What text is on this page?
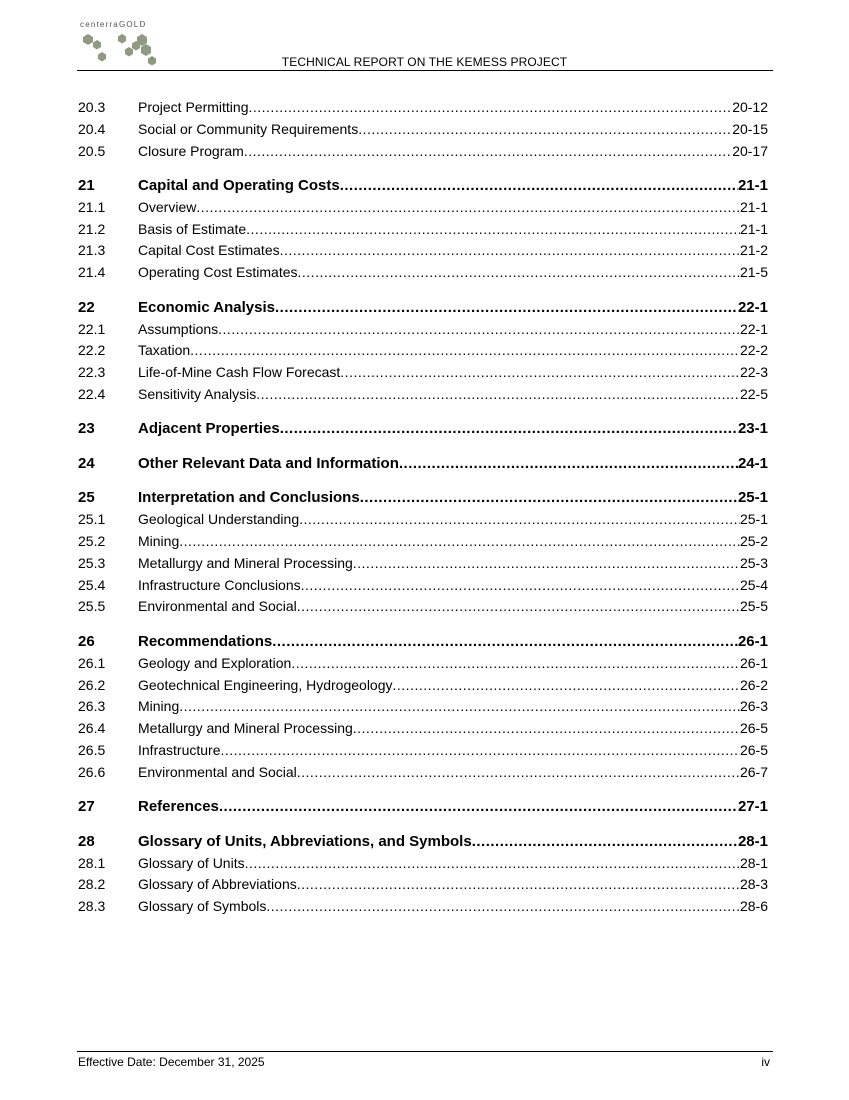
centerraGOLD
TECHNICAL REPORT ON THE KEMESS PROJECT
20.3	Project Permitting .....	20-12
20.4	Social or Community Requirements .....	20-15
20.5	Closure Program .....	20-17
21	Capital and Operating Costs .....	21-1
21.1	Overview .....	21-1
21.2	Basis of Estimate .....	21-1
21.3	Capital Cost Estimates .....	21-2
21.4	Operating Cost Estimates .....	21-5
22	Economic Analysis .....	22-1
22.1	Assumptions .....	22-1
22.2	Taxation .....	22-2
22.3	Life-of-Mine Cash Flow Forecast .....	22-3
22.4	Sensitivity Analysis .....	22-5
23	Adjacent Properties .....	23-1
24	Other Relevant Data and Information .....	24-1
25	Interpretation and Conclusions .....	25-1
25.1	Geological Understanding .....	25-1
25.2	Mining .....	25-2
25.3	Metallurgy and Mineral Processing .....	25-3
25.4	Infrastructure Conclusions .....	25-4
25.5	Environmental and Social .....	25-5
26	Recommendations .....	26-1
26.1	Geology and Exploration .....	26-1
26.2	Geotechnical Engineering, Hydrogeology .....	26-2
26.3	Mining .....	26-3
26.4	Metallurgy and Mineral Processing .....	26-5
26.5	Infrastructure .....	26-5
26.6	Environmental and Social .....	26-7
27	References .....	27-1
28	Glossary of Units, Abbreviations, and Symbols .....	28-1
28.1	Glossary of Units .....	28-1
28.2	Glossary of Abbreviations .....	28-3
28.3	Glossary of Symbols .....	28-6
Effective Date: December 31, 2025	iv
